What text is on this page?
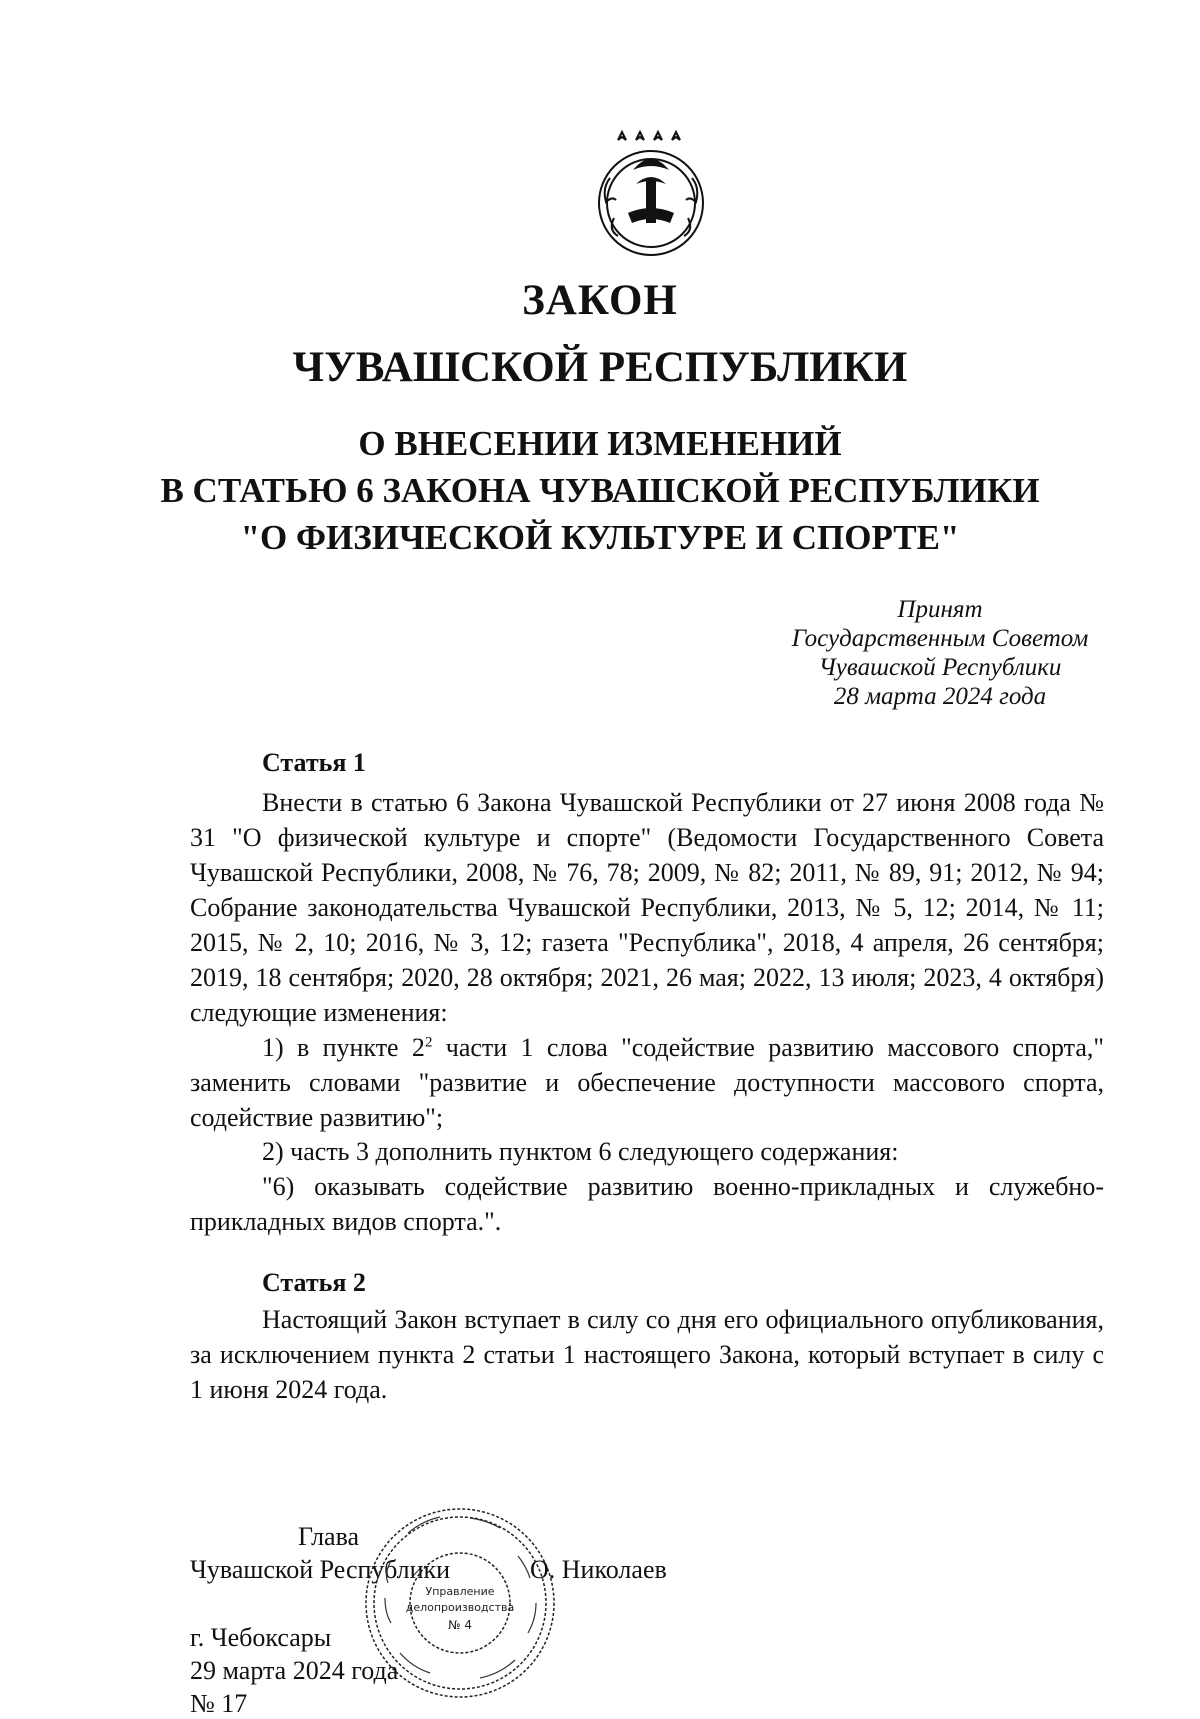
ЗАКОН
ЧУВАШСКОЙ РЕСПУБЛИКИ
О ВНЕСЕНИИ ИЗМЕНЕНИЙ
В СТАТЬЮ 6 ЗАКОНА ЧУВАШСКОЙ РЕСПУБЛИКИ
"О ФИЗИЧЕСКОЙ КУЛЬТУРЕ И СПОРТЕ"
Принят
Государственным Советом
Чувашской Республики
28 марта 2024 года
Статья 1
Внести в статью 6 Закона Чувашской Республики от 27 июня 2008 года № 31 "О физической культуре и спорте" (Ведомости Государственного Совета Чувашской Республики, 2008, № 76, 78; 2009, № 82; 2011, № 89, 91; 2012, № 94; Собрание законодательства Чувашской Республики, 2013, № 5, 12; 2014, № 11; 2015, № 2, 10; 2016, № 3, 12; газета "Республика", 2018, 4 апреля, 26 сентября; 2019, 18 сентября; 2020, 28 октября; 2021, 26 мая; 2022, 13 июля; 2023, 4 октября) следующие изменения:
1) в пункте $2^2$ части 1 слова "содействие развитию массового спорта," заменить словами "развитие и обеспечение доступности массового спорта, содействие развитию";
2) часть 3 дополнить пунктом 6 следующего содержания:
"6) оказывать содействие развитию военно-прикладных и служебно-прикладных видов спорта.".
Статья 2
Настоящий Закон вступает в силу со дня его официального опубликования, за исключением пункта 2 статьи 1 настоящего Закона, который вступает в силу с 1 июня 2024 года.
Глава
Чувашской Республики	О. Николаев
г. Чебоксары
29 марта 2024 года
№ 17
Управление
делопроизводства
№ 4
